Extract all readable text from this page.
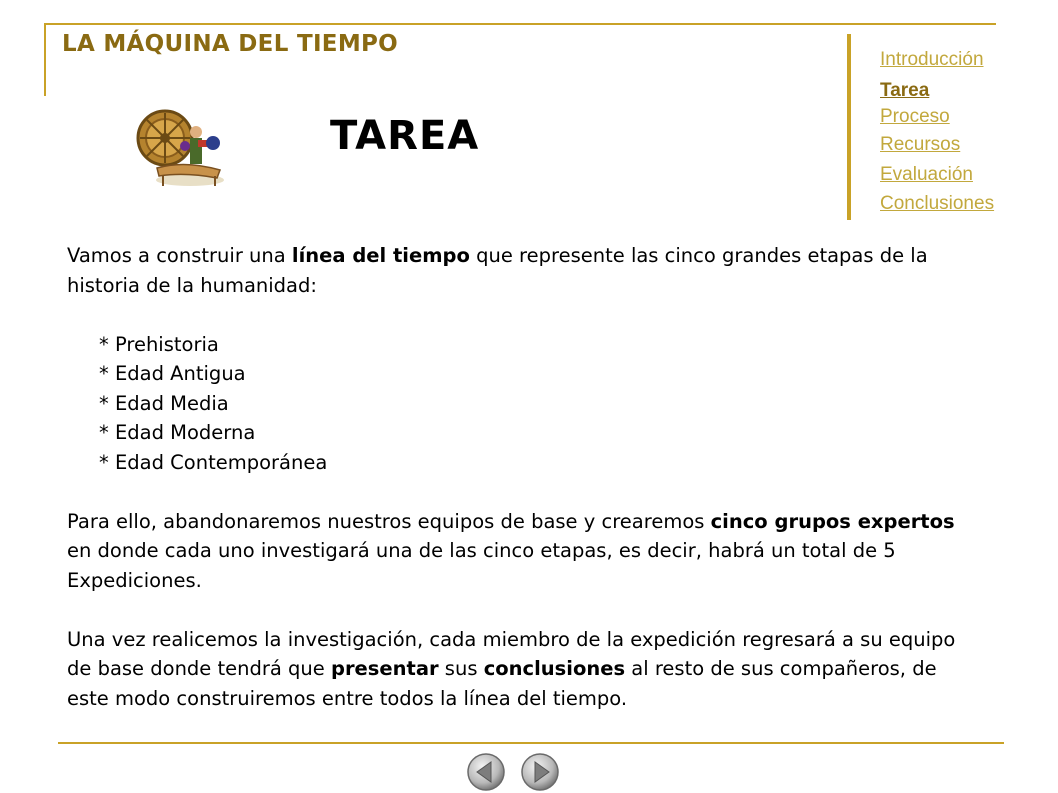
LA MÁQUINA DEL TIEMPO
TAREA
Introducción
Tarea
Proceso
Recursos
Evaluación
Conclusiones

Vamos a construir una línea del tiempo que represente las cinco grandes etapas de la historia de la humanidad:

* Prehistoria
* Edad Antigua
* Edad Media
* Edad Moderna
* Edad Contemporánea

Para ello, abandonaremos nuestros equipos de base y crearemos cinco grupos expertos en donde cada uno investigará una de las cinco etapas, es decir, habrá un total de 5 Expediciones.

Una vez realicemos la investigación, cada miembro de la expedición regresará a su equipo de base donde tendrá que presentar sus conclusiones al resto de sus compañeros, de este modo construiremos entre todos la línea del tiempo.
